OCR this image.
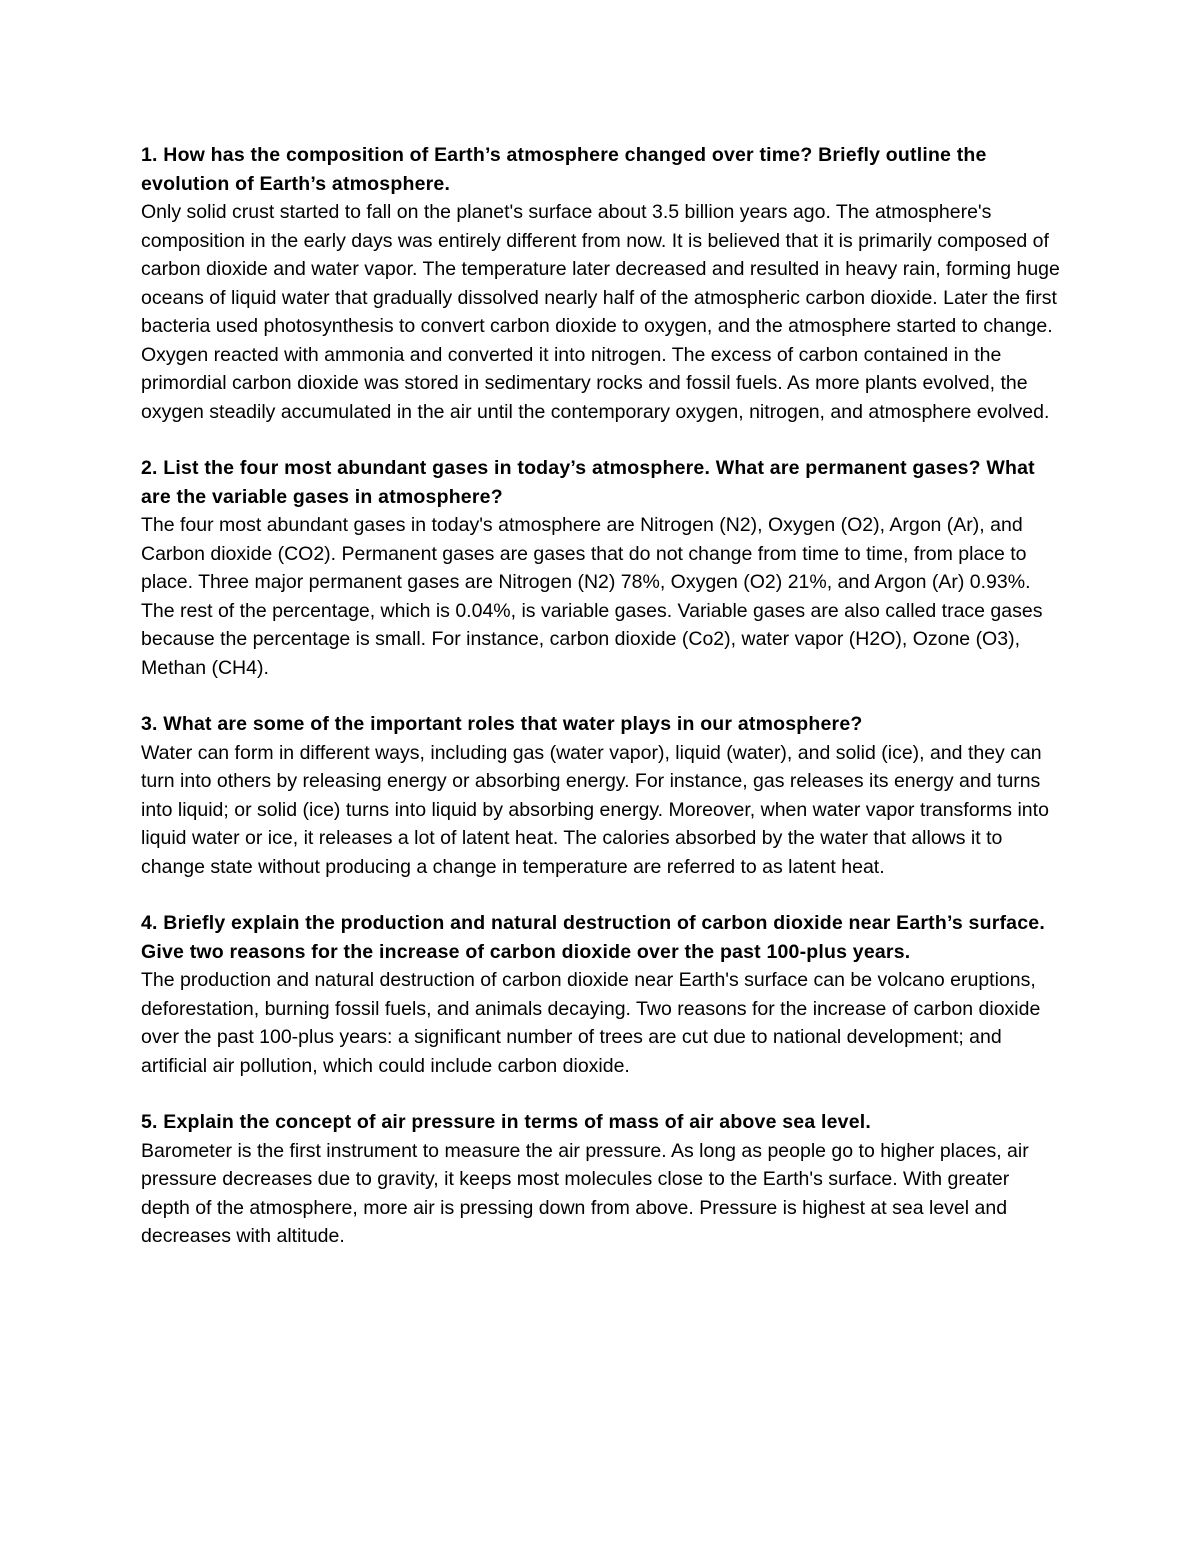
1. How has the composition of Earth’s atmosphere changed over time? Briefly outline the evolution of Earth’s atmosphere.

Only solid crust started to fall on the planet's surface about 3.5 billion years ago. The atmosphere's composition in the early days was entirely different from now. It is believed that it is primarily composed of carbon dioxide and water vapor. The temperature later decreased and resulted in heavy rain, forming huge oceans of liquid water that gradually dissolved nearly half of the atmospheric carbon dioxide. Later the first bacteria used photosynthesis to convert carbon dioxide to oxygen, and the atmosphere started to change. Oxygen reacted with ammonia and converted it into nitrogen. The excess of carbon contained in the primordial carbon dioxide was stored in sedimentary rocks and fossil fuels. As more plants evolved, the oxygen steadily accumulated in the air until the contemporary oxygen, nitrogen, and atmosphere evolved.

2. List the four most abundant gases in today’s atmosphere. What are permanent gases? What are the variable gases in atmosphere?

The four most abundant gases in today's atmosphere are Nitrogen (N2), Oxygen (O2), Argon (Ar), and Carbon dioxide (CO2). Permanent gases are gases that do not change from time to time, from place to place. Three major permanent gases are Nitrogen (N2) 78%, Oxygen (O2) 21%, and Argon (Ar) 0.93%. The rest of the percentage, which is 0.04%, is variable gases. Variable gases are also called trace gases because the percentage is small. For instance, carbon dioxide (Co2), water vapor (H2O), Ozone (O3), Methan (CH4).

3. What are some of the important roles that water plays in our atmosphere?

Water can form in different ways, including gas (water vapor), liquid (water), and solid (ice), and they can turn into others by releasing energy or absorbing energy. For instance, gas releases its energy and turns into liquid; or solid (ice) turns into liquid by absorbing energy. Moreover, when water vapor transforms into liquid water or ice, it releases a lot of latent heat. The calories absorbed by the water that allows it to change state without producing a change in temperature are referred to as latent heat.

4. Briefly explain the production and natural destruction of carbon dioxide near Earth’s surface. Give two reasons for the increase of carbon dioxide over the past 100-plus years.

The production and natural destruction of carbon dioxide near Earth's surface can be volcano eruptions, deforestation, burning fossil fuels, and animals decaying. Two reasons for the increase of carbon dioxide over the past 100-plus years: a significant number of trees are cut due to national development; and artificial air pollution, which could include carbon dioxide.

5. Explain the concept of air pressure in terms of mass of air above sea level.

Barometer is the first instrument to measure the air pressure. As long as people go to higher places, air pressure decreases due to gravity, it keeps most molecules close to the Earth's surface. With greater depth of the atmosphere, more air is pressing down from above. Pressure is highest at sea level and decreases with altitude.
